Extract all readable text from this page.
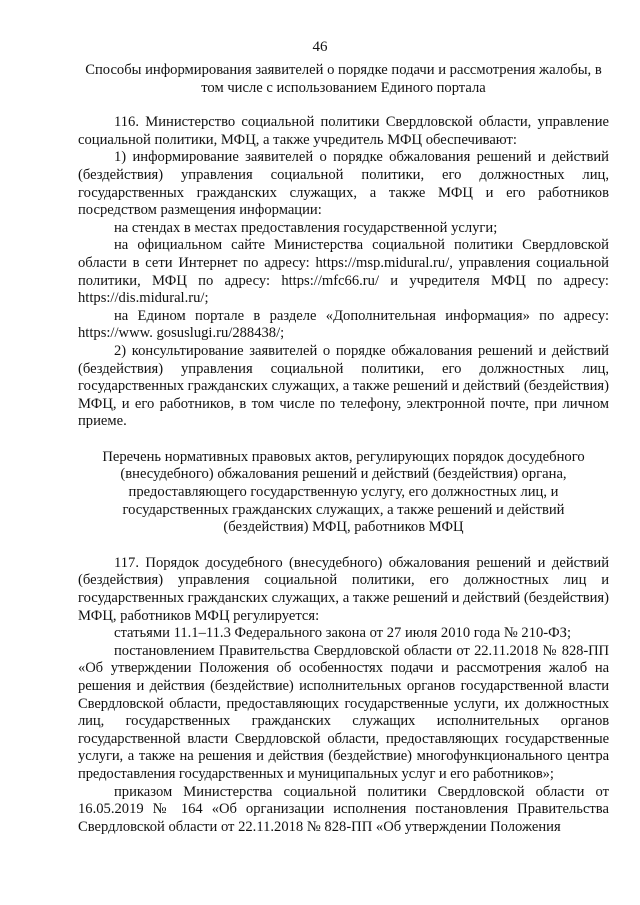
46

Способы информирования заявителей о порядке подачи и рассмотрения жалобы, в том числе с использованием Единого портала

116. Министерство социальной политики Свердловской области, управление социальной политики, МФЦ, а также учредитель МФЦ обеспечивают:

1) информирование заявителей о порядке обжалования решений и действий (бездействия) управления социальной политики, его должностных лиц, государственных гражданских служащих, а также МФЦ и его работников посредством размещения информации:

на стендах в местах предоставления государственной услуги;

на официальном сайте Министерства социальной политики Свердловской области в сети Интернет по адресу: https://msp.midural.ru/, управления социальной политики, МФЦ по адресу: https://mfc66.ru/ и учредителя МФЦ по адресу: https://dis.midural.ru/;

на Едином портале в разделе «Дополнительная информация» по адресу: https://www. gosuslugi.ru/288438/;

2) консультирование заявителей о порядке обжалования решений и действий (бездействия) управления социальной политики, его должностных лиц, государственных гражданских служащих, а также решений и действий (бездействия) МФЦ, и его работников, в том числе по телефону, электронной почте, при личном приеме.

Перечень нормативных правовых актов, регулирующих порядок досудебного (внесудебного) обжалования решений и действий (бездействия) органа, предоставляющего государственную услугу, его должностных лиц, и государственных гражданских служащих, а также решений и действий (бездействия) МФЦ, работников МФЦ

117. Порядок досудебного (внесудебного) обжалования решений и действий (бездействия) управления социальной политики, его должностных лиц и государственных гражданских служащих, а также решений и действий (бездействия) МФЦ, работников МФЦ регулируется:

статьями 11.1–11.3 Федерального закона от 27 июля 2010 года № 210-ФЗ;

постановлением Правительства Свердловской области от 22.11.2018 № 828-ПП «Об утверждении Положения об особенностях подачи и рассмотрения жалоб на решения и действия (бездействие) исполнительных органов государственной власти Свердловской области, предоставляющих государственные услуги, их должностных лиц, государственных гражданских служащих исполнительных органов государственной власти Свердловской области, предоставляющих государственные услуги, а также на решения и действия (бездействие) многофункционального центра предоставления государственных и муниципальных услуг и его работников»;

приказом Министерства социальной политики Свердловской области от 16.05.2019 № 164 «Об организации исполнения постановления Правительства Свердловской области от 22.11.2018 № 828-ПП «Об утверждении Положения
